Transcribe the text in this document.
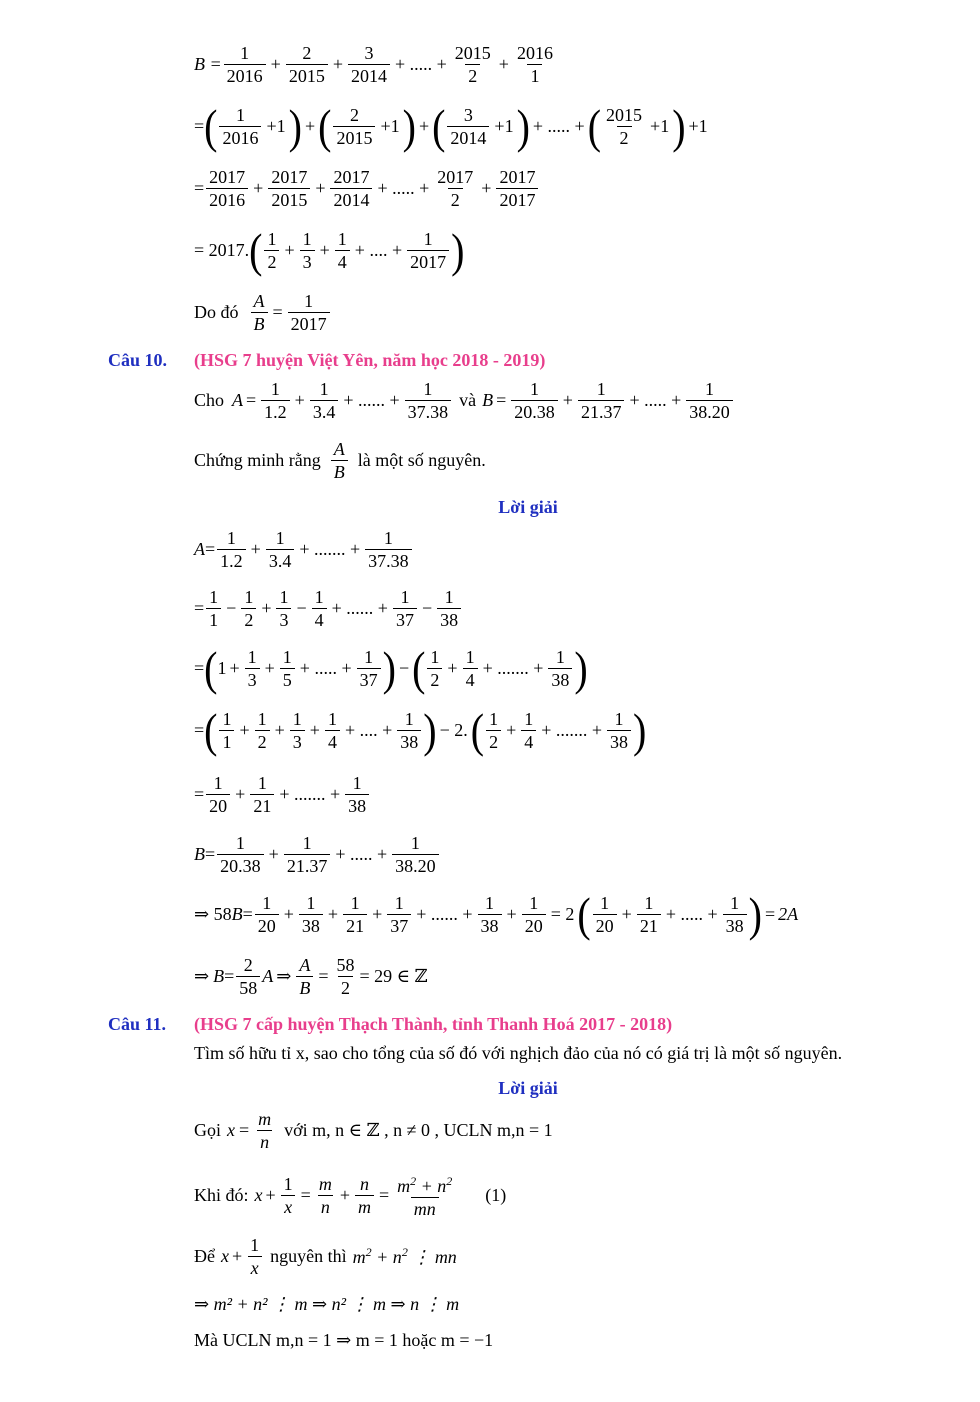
$B = \frac{1}{2016} + \frac{2}{2015} + \frac{3}{2014}$ + ..... + $\frac{2015}{2} + \frac{2016}{1}$
= ( $\frac{1}{2016} +1$ ) + ( $\frac{2}{2015} +1$ ) + ( $\frac{3}{2014} +1$ ) + ..... + ( $\frac{2015}{2} +1$ ) +1
= $\frac{2017}{2016} + \frac{2017}{2015} + \frac{2017}{2014}$ + ..... + $\frac{2017}{2} + \frac{2017}{2017}$
= 2017. ( $\frac{1}{2} + \frac{1}{3} + \frac{1}{4}$ + .... + $\frac{1}{2017}$ )
Do đó $\frac{A}{B} = \frac{1}{2017}$
Câu 10. (HSG 7 huyện Việt Yên, năm học 2018 - 2019)
Cho $A = \frac{1}{1.2} + \frac{1}{3.4}$ + ...... + $\frac{1}{37.38}$ và $B = \frac{1}{20.38} + \frac{1}{21.37}$ + ..... + $\frac{1}{38.20}$
Chứng minh rằng $\frac{A}{B}$ là một số nguyên.
Lời giải
$A = \frac{1}{1.2} + \frac{1}{3.4}$ + ....... + $\frac{1}{37.38}$
= $\frac{1}{1} - \frac{1}{2} + \frac{1}{3} - \frac{1}{4}$ + ...... + $\frac{1}{37} - \frac{1}{38}$
= ( $1 + \frac{1}{3} + \frac{1}{5}$ + ..... + $\frac{1}{37}$ ) − ( $\frac{1}{2} + \frac{1}{4}$ + ....... + $\frac{1}{38}$ )
= ( $\frac{1}{1} + \frac{1}{2} + \frac{1}{3} + \frac{1}{4}$ + .... + $\frac{1}{38}$ ) − 2. ( $\frac{1}{2} + \frac{1}{4}$ + ....... + $\frac{1}{38}$ )
= $\frac{1}{20} + \frac{1}{21}$ + ....... + $\frac{1}{38}$
$B = \frac{1}{20.38} + \frac{1}{21.37}$ + ..... + $\frac{1}{38.20}$
⇒ 58 $B = \frac{1}{20} + \frac{1}{38} + \frac{1}{21} + \frac{1}{37}$ + ...... + $\frac{1}{38} + \frac{1}{20} = 2$ ( $\frac{1}{20} + \frac{1}{21}$ + ..... + $\frac{1}{38}$ ) = 2A
⇒ $B = \frac{2}{58}$ A ⇒ $\frac{A}{B} = \frac{58}{2} = 29$ ∈ ℤ
Câu 11. (HSG 7 cấp huyện Thạch Thành, tỉnh Thanh Hoá 2017 - 2018)
Tìm số hữu tỉ x, sao cho tổng của số đó với nghịch đảo của nó có giá trị là một số nguyên.
Lời giải
Gọi $x = \frac{m}{n}$ với m, n ∈ ℤ , n ≠ 0 , UCLN m,n = 1
Khi đó: $x + \frac{1}{x} = \frac{m}{n} + \frac{n}{m} = \frac{m^2 + n^2}{mn} (1)$
Để $x + \frac{1}{x}$ nguyên thì $m^2 + n^2$ ⋮ mn
⇒ m² + n² ⋮ m ⇒ n² ⋮ m ⇒ n ⋮ m
Mà UCLN m,n = 1 ⇒ m = 1 hoặc m = −1
